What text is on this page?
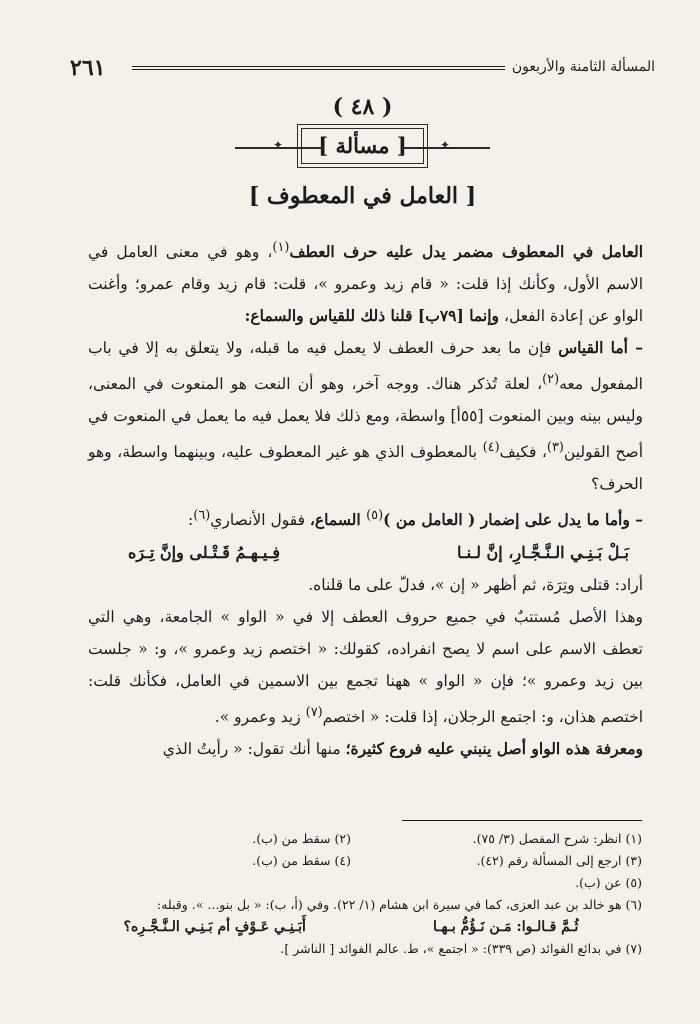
٢٦١	المسألة الثامنة والأربعون
( ٤٨ )
✦
[ مسألة ]
✦
[ العامل في المعطوف ]

العامل في المعطوف مضمر يدل عليه حرف العطف$^{(١)}$، وهو في معنى العامل في الاسم الأول، وكأنك إذا قلت: « قام زيد وعمرو »، قلت: قام زيد وقام عمرو؛ وأغنت الواو عن إعادة الفعل، وإنما [٧٩ب] قلنا ذلك للقياس والسماع:

– أما القياس فإن ما بعد حرف العطف لا يعمل فيه ما قبله، ولا يتعلق به إلا في باب المفعول معه$^{(٢)}$، لعلة تُذكر هناك. ووجه آخر، وهو أن النعت هو المنعوت في المعنى، وليس بينه وبين المنعوت [٥٥أ] واسطة، ومع ذلك فلا يعمل فيه ما يعمل في المنعوت في أصح القولين$^{(٣)}$، فكيف$^{(٤)}$ بالمعطوف الذي هو غير المعطوف عليه، وبينهما واسطة، وهو الحرف؟

– وأما ما يدل على إضمار ( العامل من )$^{(٥)}$ السماع، فقول الأنصاري$^{(٦)}$:

بَـلْ بَـنِـي الـنَّـجَّـارِ، إنَّ لـنـا
فِـيـهـمُ قَـتْـلى وإنَّ تِـرَه

أراد: قتلى وتِرَة، ثم أظهر « إن »، فدلّ على ما قلناه.

وهذا الأصل مُستتبٌ في جميع حروف العطف إلا في « الواو » الجامعة، وهي التي تعطف الاسم على اسم لا يصح انفراده، كقولك: « اختصم زيد وعمرو »، و: « جلست بين زيد وعمرو »؛ فإن « الواو » ههنا تجمع بين الاسمين في العامل، فكأنك قلت: اختصم هذان، و: اجتمع الرجلان، إذا قلت: « اختصم$^{(٧)}$ زيد وعمرو ».

ومعرفة هذه الواو أصل ينبني عليه فروع كثيرة؛ منها أنك تقول: « رأيتُ الذي

(١) انظر: شرح المفصل (٣/ ٧٥).
(٢) سقط من (ب).
(٣) ارجع إلى المسألة رقم (٤٢).
(٤) سقط من (ب).
(٥) عن (ب).
(٦) هو خالد بن عبد العزى، كما في سيرة ابن هشام (١/ ٢٢). وفي (أ، ب): « بل بنو... ». وقبله:
ثُـمَّ قـالـوا: مَـن نَـؤُمُّ بـهـا
أَبَـنِـي عَـوْفٍ أم بَـنِـي الـنَّـجَّـرِه؟
(٧) في بدائع الفوائد (ص ٣٣٩): « اجتمع »، ط. عالم الفوائد [ الناشر ].
